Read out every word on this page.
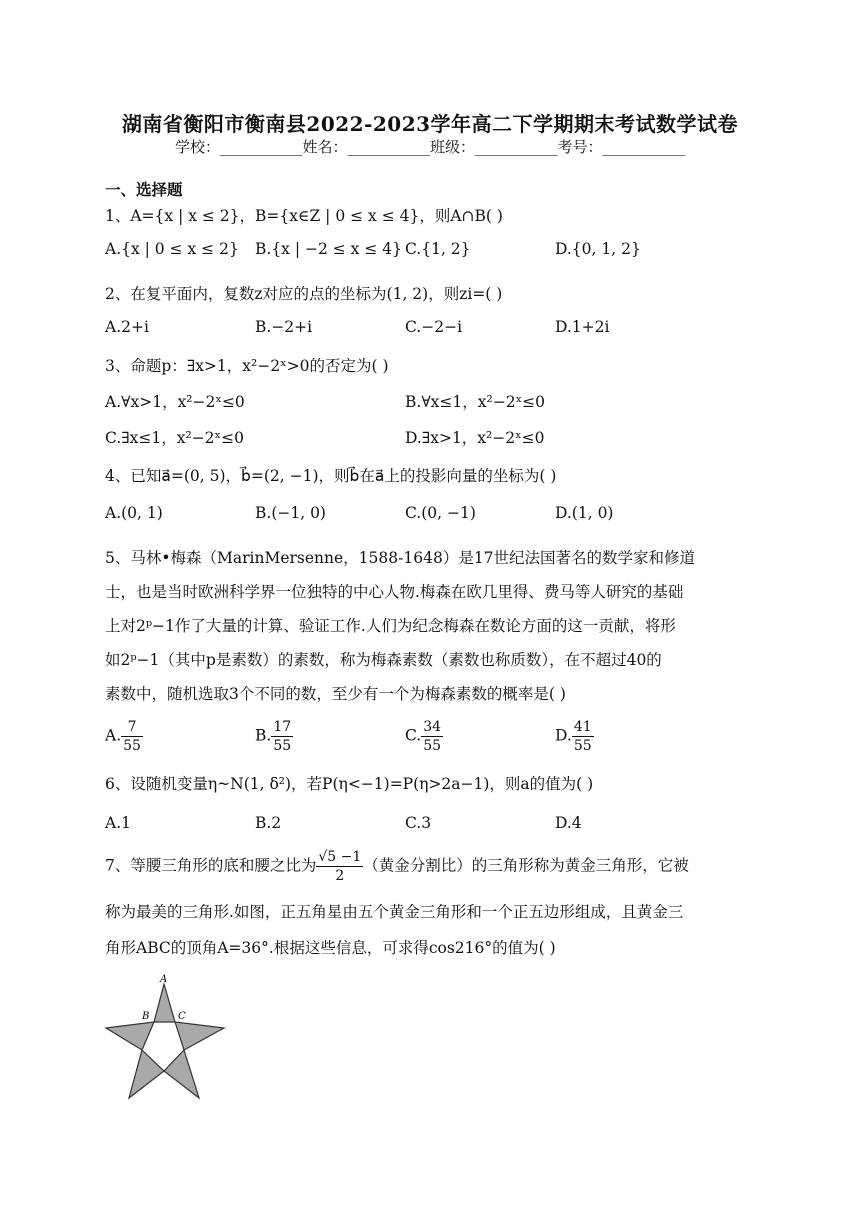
湖南省衡阳市衡南县2022-2023学年高二下学期期末考试数学试卷
学校：___________姓名：___________班级：___________考号：___________
一、选择题
1、A={x | x ≤ 2}，B={x∈Z | 0 ≤ x ≤ 4}，则A∩B( )
A.{x | 0 ≤ x ≤ 2} B.{x | −2 ≤ x ≤ 4} C.{1, 2}	D.{0, 1, 2}
2、在复平面内，复数z对应的点的坐标为(1, 2)，则zi=( )
A.2+i	B.−2+i	C.−2−i	D.1+2i
3、命题p：∃x>1，x²−2ˣ>0的否定为( )
A.∀x>1，x²−2ˣ≤0	B.∀x≤1，x²−2ˣ≤0
C.∃x≤1，x²−2ˣ≤0	D.∃x>1，x²−2ˣ≤0
4、已知a⃗=(0, 5)，b⃗=(2, −1)，则b⃗在a⃗上的投影向量的坐标为( )
A.(0, 1)	B.(−1, 0)	C.(0, −1)	D.(1, 0)
5、马林•梅森（MarinMersenne，1588-1648）是17世纪法国著名的数学家和修道
士，也是当时欧洲科学界一位独特的中心人物.梅森在欧几里得、费马等人研究的基础
上对2ᵖ−1作了大量的计算、验证工作.人们为纪念梅森在数论方面的这一贡献，将形
如2ᵖ−1（其中p是素数）的素数，称为梅森素数（素数也称质数），在不超过40的
素数中，随机选取3个不同的数，至少有一个为梅森素数的概率是( )
A. $\frac{7}{55}$	B. $\frac{17}{55}$	C. $\frac{34}{55}$	D. $\frac{41}{55}$
6、设随机变量η~N(1, δ²)，若P(η<−1)=P(η>2a−1)，则a的值为( )
A.1	B.2	C.3	D.4
7、等腰三角形的底和腰之比为 $\frac{√5 -1}{2}$ （黄金分割比）的三角形称为黄金三角形，它被
称为最美的三角形.如图，正五角星由五个黄金三角形和一个正五边形组成，且黄金三
角形ABC的顶角A=36°.根据这些信息，可求得cos216°的值为( )
A
B	C
